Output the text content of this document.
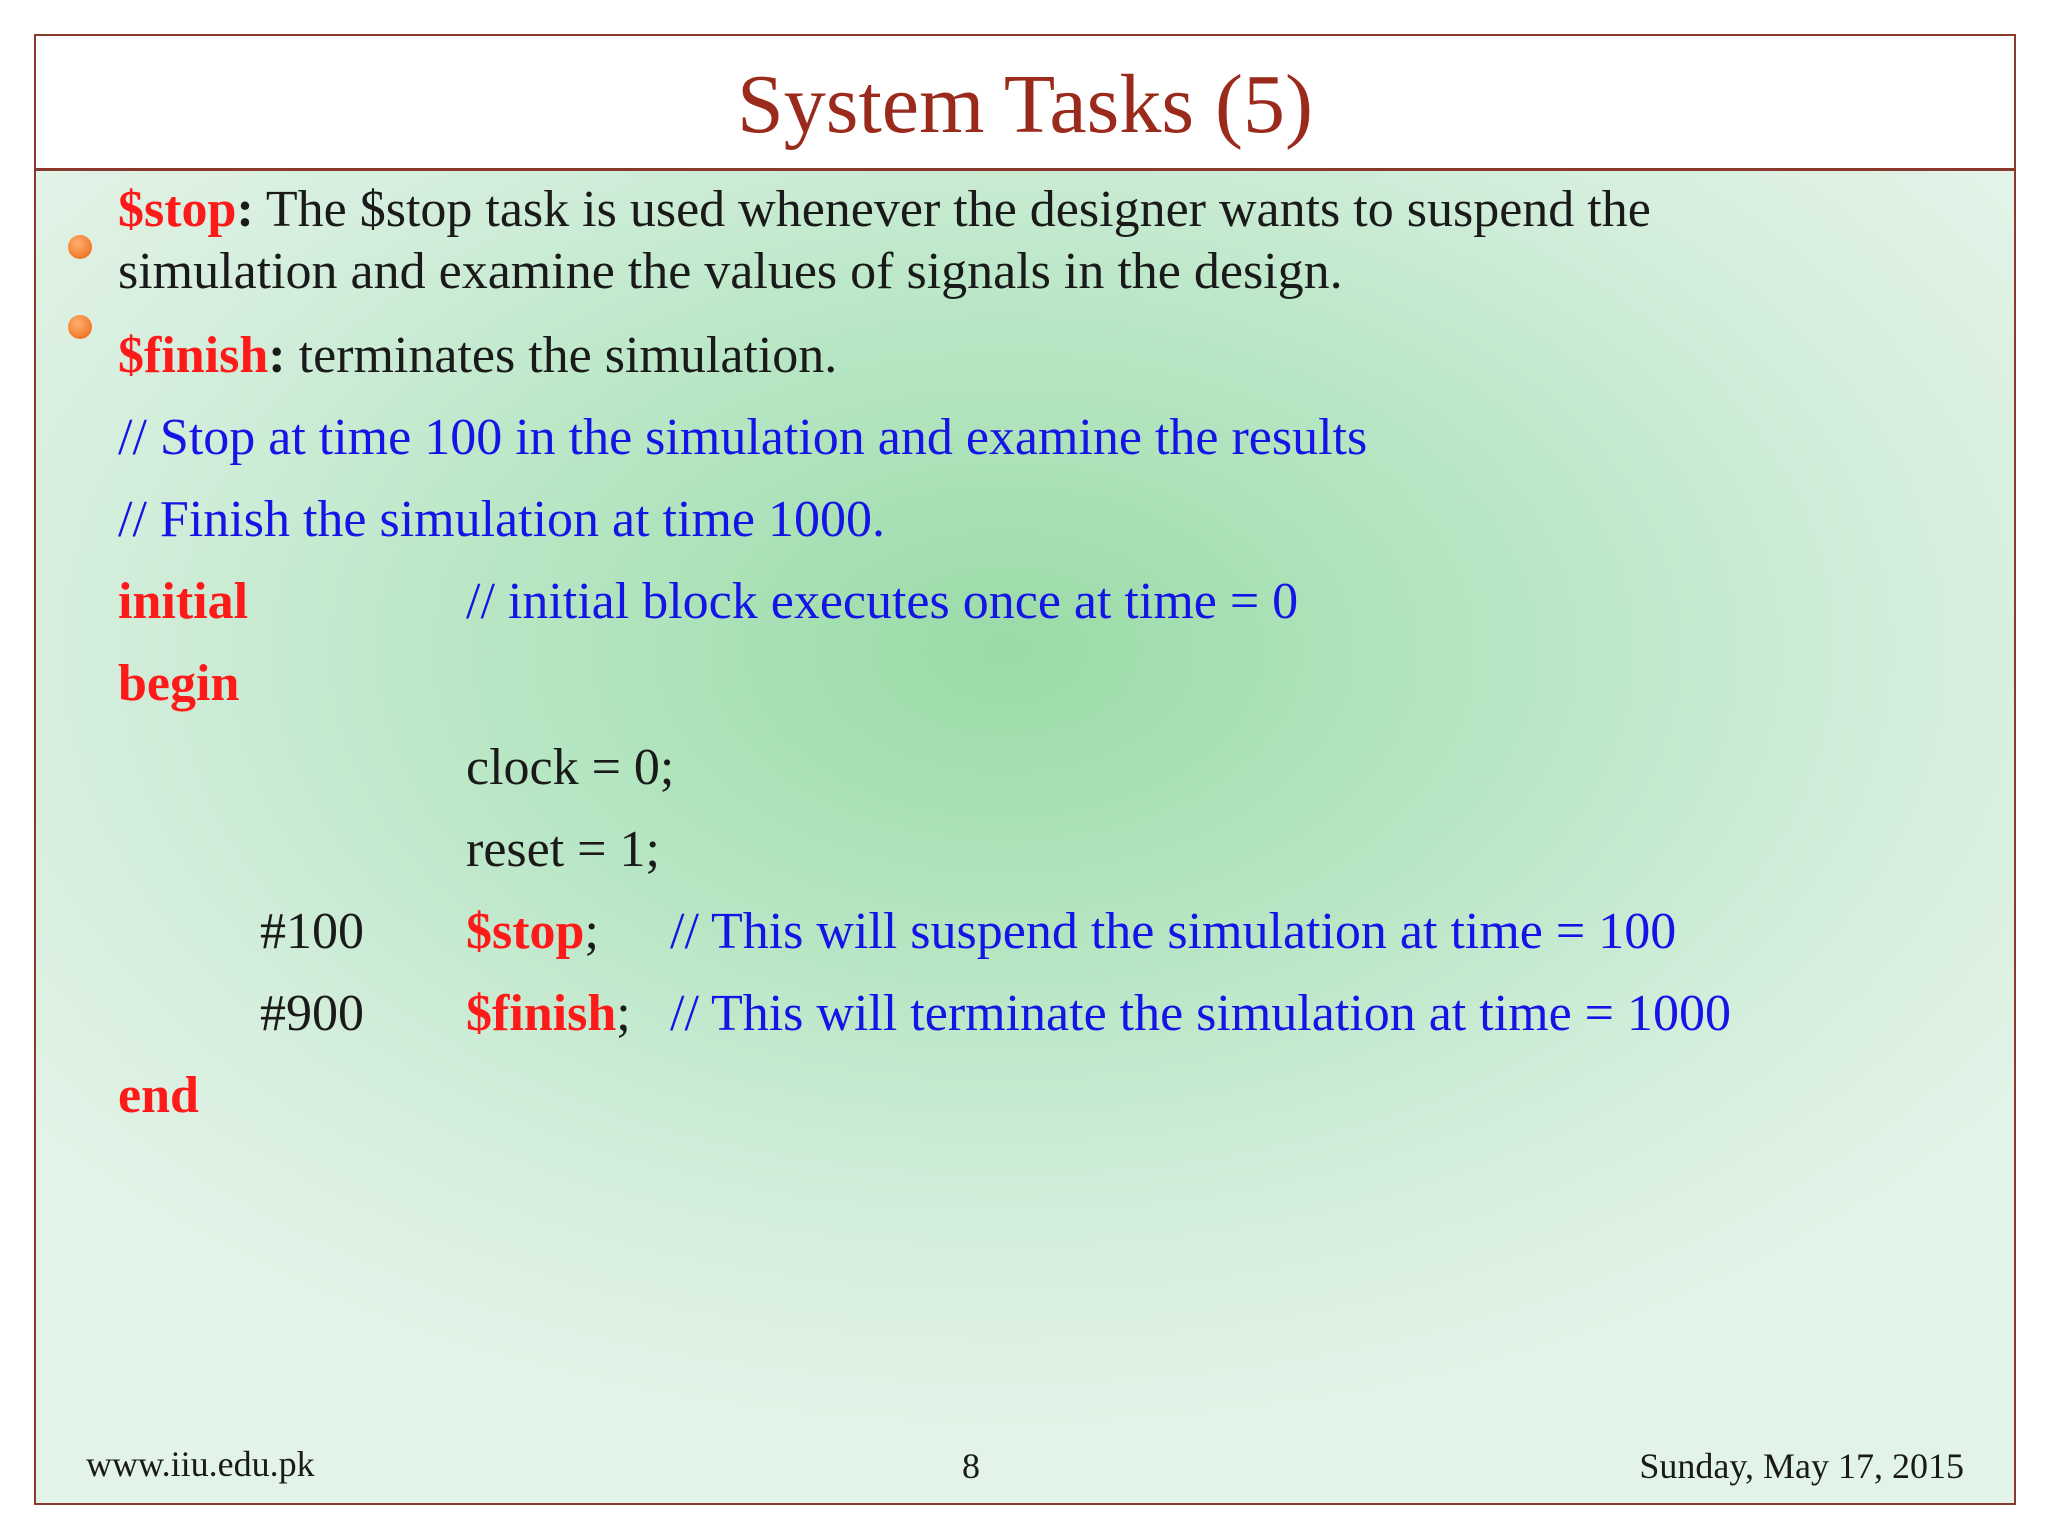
System Tasks (5)
$stop: The $stop task is used whenever the designer wants to suspend the
simulation and examine the values of signals in the design.
$finish: terminates the simulation.
// Stop at time 100 in the simulation and examine the results
// Finish the simulation at time 1000.
initial	// initial block executes once at time = 0
begin
clock = 0;
reset = 1;
#100 $stop; // This will suspend the simulation at time = 100
#900 $finish; // This will terminate the simulation at time = 1000
end
www.iiu.edu.pk	8	Sunday, May 17, 2015
